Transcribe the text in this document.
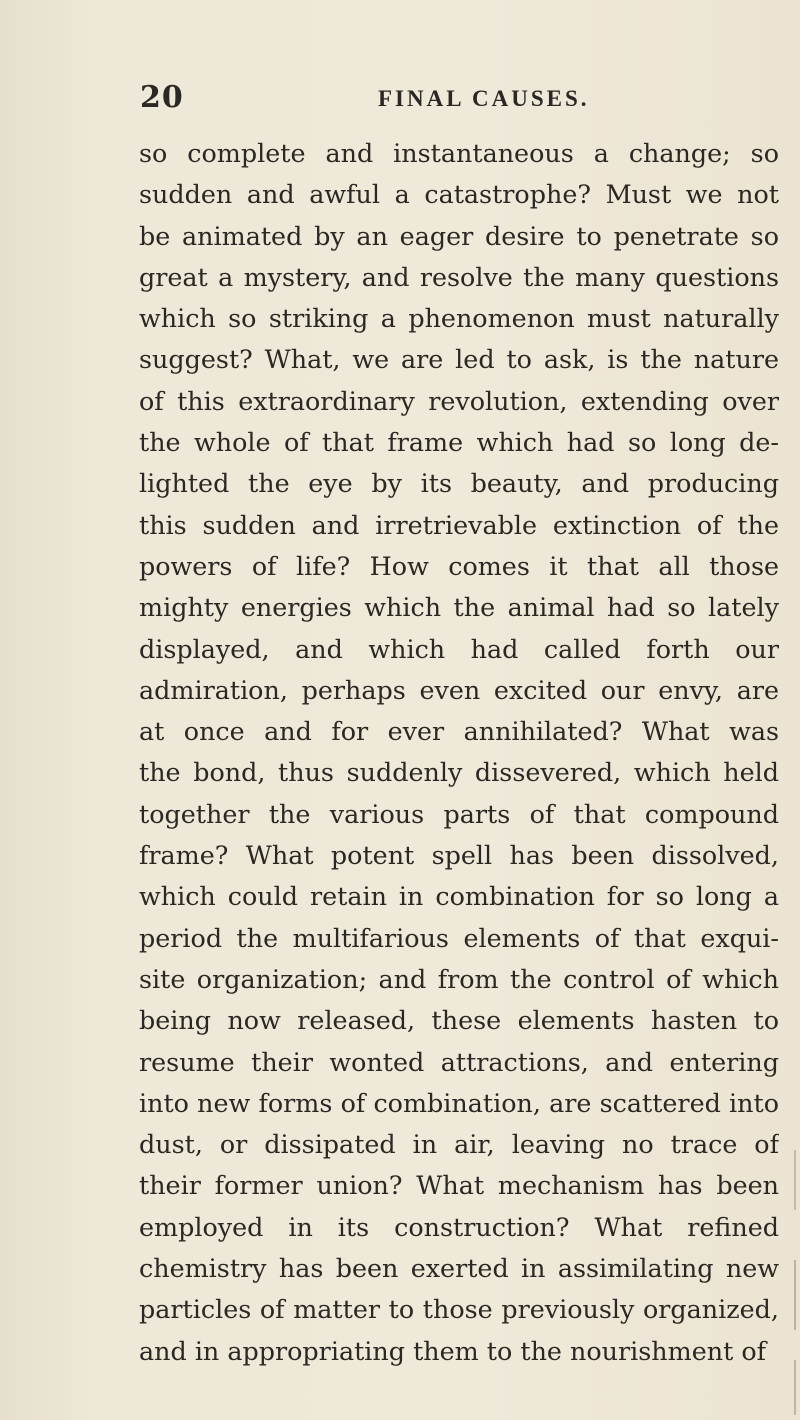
20	FINAL CAUSES.
so complete and instantaneous a change; so
sudden and awful a catastrophe? Must we not
be animated by an eager desire to penetrate so
great a mystery, and resolve the many questions
which so striking a phenomenon must naturally
suggest? What, we are led to ask, is the nature
of this extraordinary revolution, extending over
the whole of that frame which had so long de-
lighted the eye by its beauty, and producing
this sudden and irretrievable extinction of the
powers of life? How comes it that all those
mighty energies which the animal had so lately
displayed, and which had called forth our
admiration, perhaps even excited our envy, are
at once and for ever annihilated? What was
the bond, thus suddenly dissevered, which held
together the various parts of that compound
frame? What potent spell has been dissolved,
which could retain in combination for so long a
period the multifarious elements of that exqui-
site organization; and from the control of which
being now released, these elements hasten to
resume their wonted attractions, and entering
into new forms of combination, are scattered into
dust, or dissipated in air, leaving no trace of
their former union? What mechanism has been
employed in its construction? What refined
chemistry has been exerted in assimilating new
particles of matter to those previously organized,
and in appropriating them to the nourishment of
